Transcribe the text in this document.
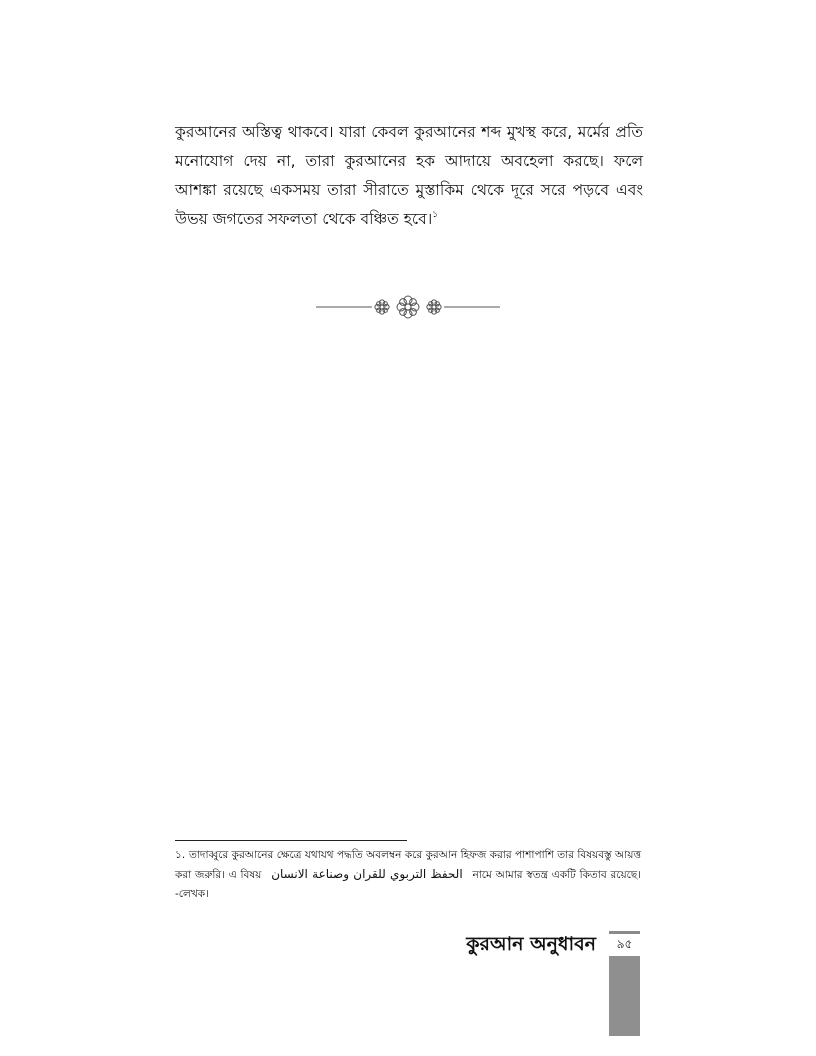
কুরআনের অস্তিত্ব থাকবে। যারা কেবল কুরআনের শব্দ মুখস্থ করে, মর্মের প্রতি মনোযোগ দেয় না, তারা কুরআনের হক আদায়ে অবহেলা করছে। ফলে আশঙ্কা রয়েছে একসময় তারা সীরাতে মুস্তাকিম থেকে দূরে সরে পড়বে এবং উভয় জগতের সফলতা থেকে বঞ্চিত হবে।$^১$
১. তাদাব্বুরে কুরআনের ক্ষেত্রে যথাযথ পদ্ধতি অবলম্বন করে কুরআন হিফজ করার পাশাপাশি তার বিষয়বস্তু আয়ত্ত করা জরুরি। এ বিষয় الحفظ التربوي للقران وصناعة الانسان নামে আমার স্বতন্ত্র একটি কিতাব রয়েছে। -লেখক।
কুরআন অনুধাবন	৯৫
